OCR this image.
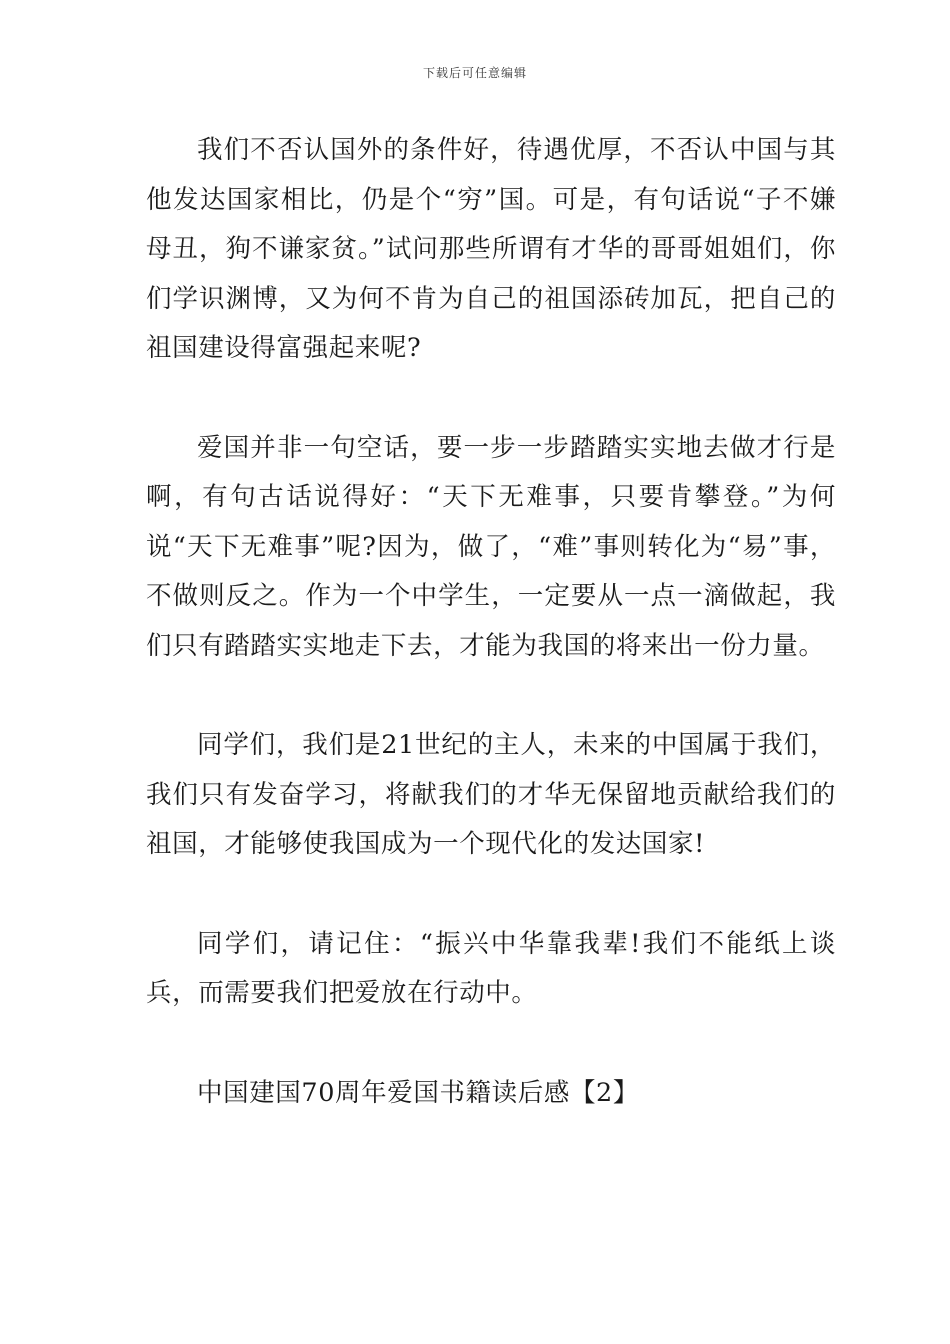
下载后可任意编辑

我们不否认国外的条件好，待遇优厚，不否认中国与其他发达国家相比，仍是个“穷”国。可是，有句话说“子不嫌母丑，狗不谦家贫。”试问那些所谓有才华的哥哥姐姐们，你们学识渊博，又为何不肯为自己的祖国添砖加瓦，把自己的祖国建设得富强起来呢?

爱国并非一句空话，要一步一步踏踏实实地去做才行是啊，有句古话说得好：“天下无难事，只要肯攀登。”为何说“天下无难事”呢?因为，做了，“难”事则转化为“易”事，不做则反之。作为一个中学生，一定要从一点一滴做起，我们只有踏踏实实地走下去，才能为我国的将来出一份力量。

同学们，我们是21世纪的主人，未来的中国属于我们，我们只有发奋学习，将献我们的才华无保留地贡献给我们的祖国，才能够使我国成为一个现代化的发达国家!

同学们，请记住：“振兴中华靠我辈!我们不能纸上谈兵，而需要我们把爱放在行动中。

中国建国70周年爱国书籍读后感【2】
